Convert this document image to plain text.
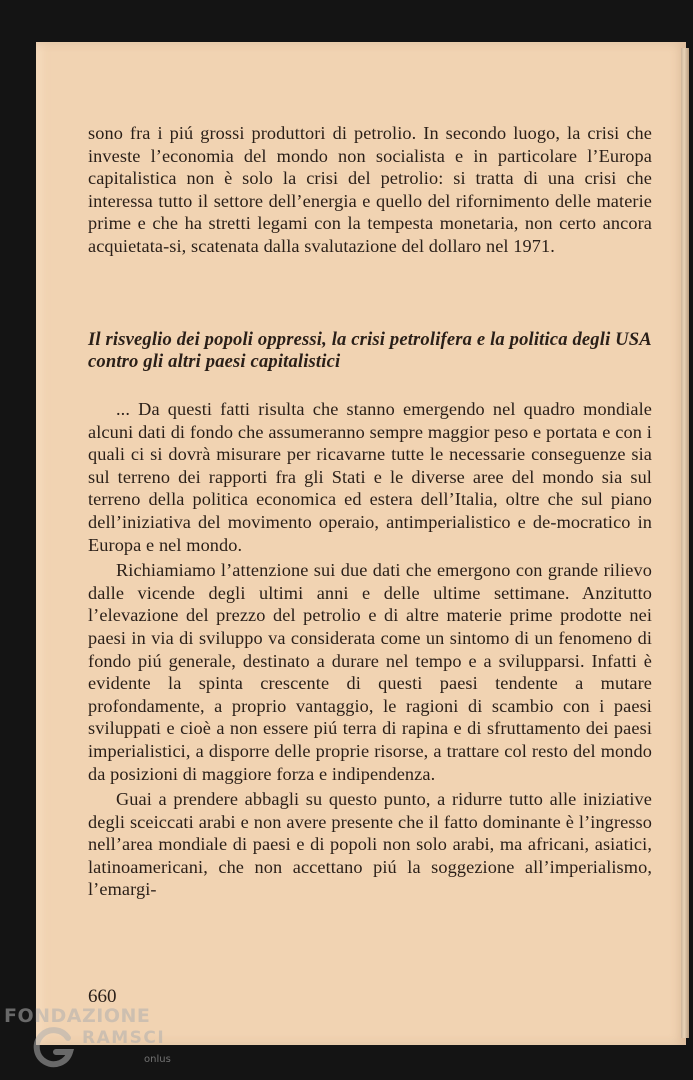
sono fra i piú grossi produttori di petrolio. In secondo luogo, la crisi che investe l’economia del mondo non socialista e in particolare l’Europa capitalistica non è solo la crisi del petrolio: si tratta di una crisi che interessa tutto il settore dell’energia e quello del rifornimento delle materie prime e che ha stretti legami con la tempesta monetaria, non certo ancora acquietata-si, scatenata dalla svalutazione del dollaro nel 1971.

Il risveglio dei popoli oppressi, la crisi petrolifera e la politica degli USA contro gli altri paesi capitalistici

... Da questi fatti risulta che stanno emergendo nel quadro mondiale alcuni dati di fondo che assumeranno sempre maggior peso e portata e con i quali ci si dovrà misurare per ricavarne tutte le necessarie conseguenze sia sul terreno dei rapporti fra gli Stati e le diverse aree del mondo sia sul terreno della politica economica ed estera dell’Italia, oltre che sul piano dell’iniziativa del movimento operaio, antimperialistico e de-mocratico in Europa e nel mondo.

Richiamiamo l’attenzione sui due dati che emergono con grande rilievo dalle vicende degli ultimi anni e delle ultime settimane. Anzitutto l’elevazione del prezzo del petrolio e di altre materie prime prodotte nei paesi in via di sviluppo va considerata come un sintomo di un fenomeno di fondo piú generale, destinato a durare nel tempo e a svilupparsi. Infatti è evidente la spinta crescente di questi paesi tendente a mutare profondamente, a proprio vantaggio, le ragioni di scambio con i paesi sviluppati e cioè a non essere piú terra di rapina e di sfruttamento dei paesi imperialistici, a disporre delle proprie risorse, a trattare col resto del mondo da posizioni di maggiore forza e indipendenza.

Guai a prendere abbagli su questo punto, a ridurre tutto alle iniziative degli sceiccati arabi e non avere presente che il fatto dominante è l’ingresso nell’area mondiale di paesi e di popoli non solo arabi, ma africani, asiatici, latinoamericani, che non accettano piú la soggezione all’imperialismo, l’emargi-

660
FONDAZIONE
RAMSCI
onlus
